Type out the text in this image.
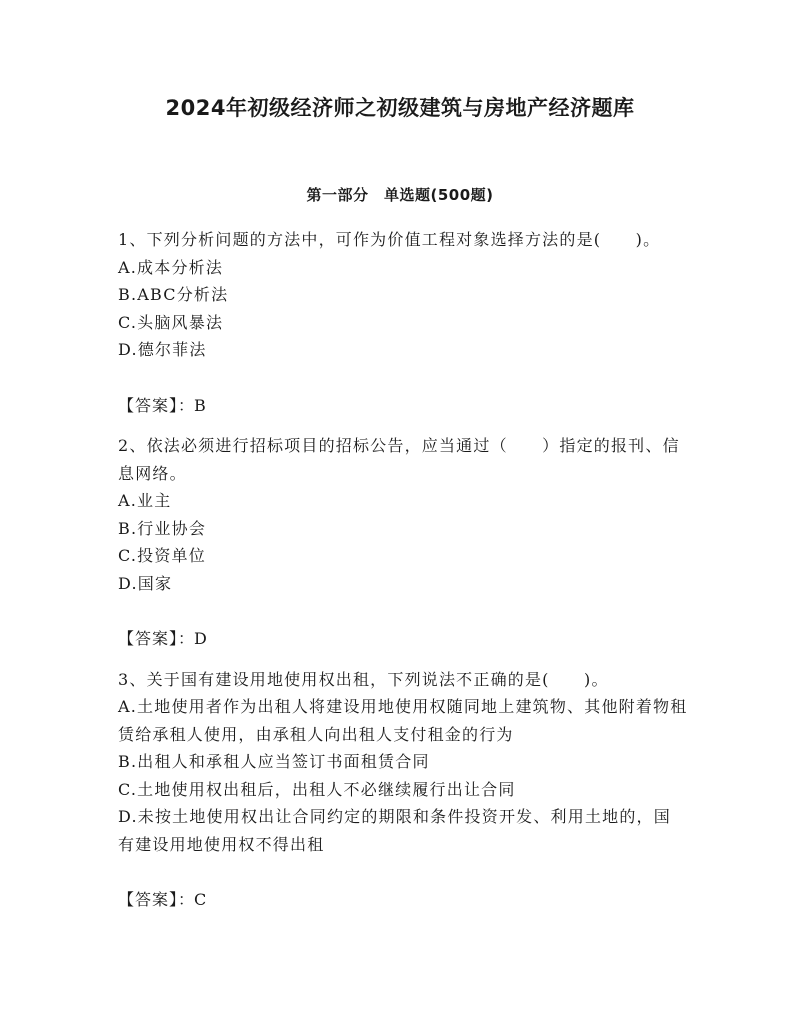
2024年初级经济师之初级建筑与房地产经济题库
第一部分　单选题(500题)

1、下列分析问题的方法中，可作为价值工程对象选择方法的是(　　)。

A.成本分析法

B.ABC分析法

C.头脑风暴法

D.德尔菲法

【答案】：B

2、依法必须进行招标项目的招标公告，应当通过（　　）指定的报刊、信息网络。

A.业主

B.行业协会

C.投资单位

D.国家

【答案】：D

3、关于国有建设用地使用权出租，下列说法不正确的是(　　)。

A.土地使用者作为出租人将建设用地使用权随同地上建筑物、其他附着物租赁给承租人使用，由承租人向出租人支付租金的行为

B.出租人和承租人应当签订书面租赁合同

C.土地使用权出租后，出租人不必继续履行出让合同

D.未按土地使用权出让合同约定的期限和条件投资开发、利用土地的，国有建设用地使用权不得出租

【答案】：C
